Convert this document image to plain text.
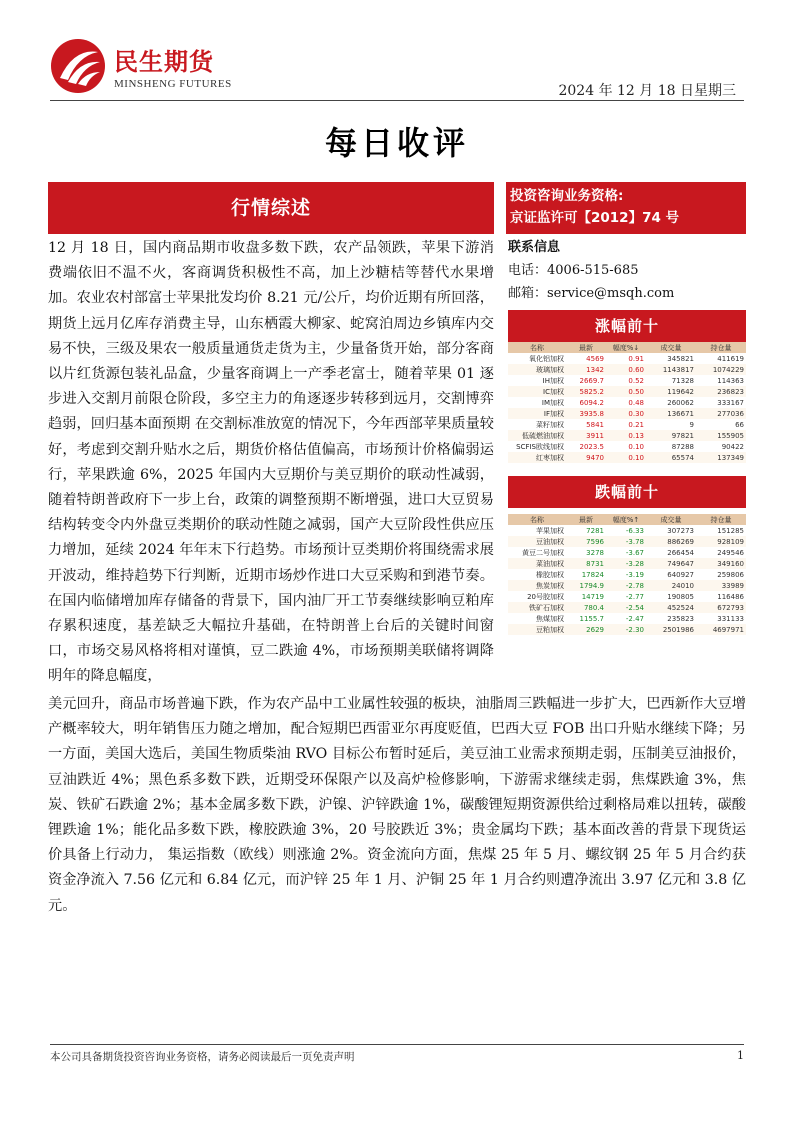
民生期货
MINSHENG FUTURES	2024 年 12 月 18 日星期三
每日收评
行情综述

12 月 18 日，国内商品期市收盘多数下跌，农产品领跌，苹果下游消费端依旧不温不火，客商调货积极性不高，加上沙糖桔等替代水果增加。农业农村部富士苹果批发均价 8.21 元/公斤，均价近期有所回落，期货上远月亿库存消费主导，山东栖霞大柳家、蛇窝泊周边乡镇库内交易不快，三级及果农一般质量通货走货为主，少量备货开始，部分客商以片红货源包装礼品盒，少量客商调上一产季老富士，随着苹果 01 逐步进入交割月前限仓阶段，多空主力的角逐逐步转移到远月，交割博弈趋弱，回归基本面预期 在交割标准放宽的情况下，今年西部苹果质量较好，考虑到交割升贴水之后，期货价格估值偏高，市场预计价格偏弱运行，苹果跌逾 6%，2025 年国内大豆期价与美豆期价的联动性减弱，随着特朗普政府下一步上台，政策的调整预期不断增强，进口大豆贸易结构转变令内外盘豆类期价的联动性随之减弱，国产大豆阶段性供应压力增加，延续 2024 年年末下行趋势。市场预计豆类期价将围绕需求展开波动，维持趋势下行判断，近期市场炒作进口大豆采购和到港节奏。在国内临储增加库存储备的背景下，国内油厂开工节奏继续影响豆粕库存累积速度，基差缺乏大幅拉升基础，在特朗普上台后的关键时间窗口，市场交易风格将相对谨慎，豆二跌逾 4%，市场预期美联储将调降明年的降息幅度，

美元回升，商品市场普遍下跌，作为农产品中工业属性较强的板块，油脂周三跌幅进一步扩大，巴西新作大豆增产概率较大，明年销售压力随之增加，配合短期巴西雷亚尔再度贬值，巴西大豆 FOB 出口升贴水继续下降；另一方面，美国大选后，美国生物质柴油 RVO 目标公布暂时延后，美豆油工业需求预期走弱，压制美豆油报价，豆油跌近 4%；黑色系多数下跌，近期受环保限产以及高炉检修影响，下游需求继续走弱，焦煤跌逾 3%，焦炭、铁矿石跌逾 2%；基本金属多数下跌，沪镍、沪锌跌逾 1%，碳酸锂短期资源供给过剩格局难以扭转，碳酸锂跌逾 1%；能化品多数下跌，橡胶跌逾 3%，20 号胶跌近 3%；贵金属均下跌；基本面改善的背景下现货运价具备上行动力， 集运指数（欧线）则涨逾 2%。资金流向方面，焦煤 25 年 5 月、螺纹钢 25 年 5 月合约获资金净流入 7.56 亿元和 6.84 亿元，而沪锌 25 年 1 月、沪铜 25 年 1 月合约则遭净流出 3.97 亿元和 3.8 亿元。

投资咨询业务资格:
京证监许可【2012】74 号
联系信息
电话：4006-515-685
邮箱：service@msqh.com
涨幅前十
名称	最新	幅度%↓	成交量	持仓量
氧化铝加权	4569	0.91	345821	411619
玻璃加权	1342	0.60	1143817	1074229
IH加权	2669.7	0.52	71328	114363
IC加权	5825.2	0.50	119642	236823
IM加权	6094.2	0.48	260062	333167
IF加权	3935.8	0.30	136671	277036
菜籽加权	5841	0.21	9	66
低硫燃油加权	3911	0.13	97821	155905
SCFIS欧线加权	2023.5	0.10	87288	90422
红枣加权	9470	0.10	65574	137349
跌幅前十
名称	最新	幅度%↑	成交量	持仓量
苹果加权	7281	-6.33	307273	151285
豆油加权	7596	-3.78	886269	928109
黄豆二号加权	3278	-3.67	266454	249546
菜油加权	8731	-3.28	749647	349160
橡胶加权	17824	-3.19	640927	259806
焦炭加权	1794.9	-2.78	24010	33989
20号胶加权	14719	-2.77	190805	116486
铁矿石加权	780.4	-2.54	452524	672793
焦煤加权	1155.7	-2.47	235823	331133
豆粕加权	2629	-2.30	2501986	4697971
本公司具备期货投资咨询业务资格，请务必阅读最后一页免责声明	1
